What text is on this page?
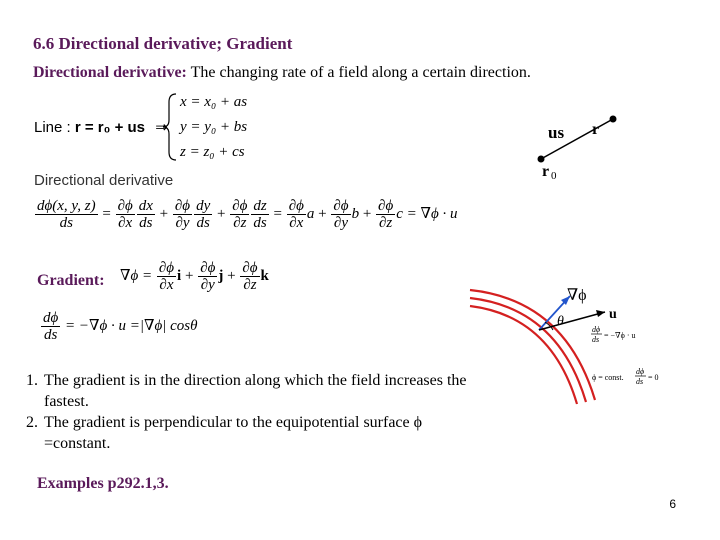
6.6 Directional derivative; Gradient
Directional derivative: The changing rate of a field along a certain direction.
Line : r = r₀ + us ⇒
x = x₀ + as
y = y₀ + bs
z = z₀ + cs
Directional derivative
$\frac{d\phi(x, y, z)}{ds} = \frac{\partial\phi}{\partial x} \frac{dx}{ds} + \frac{\partial\phi}{\partial y} \frac{dy}{ds} + \frac{\partial\phi}{\partial z} \frac{dz}{ds} = \frac{\partial\phi}{\partial x}$ $a + \frac{\partial\phi}{\partial y}$ $b + \frac{\partial\phi}{\partial z}$ c = ∇ϕ · u
Gradient: $\nabla\phi = \frac{\partial\phi}{\partial x}$ $i + \frac{\partial\phi}{\partial y}$ $j + \frac{\partial\phi}{\partial z}$ k
$\frac{d\phi}{ds} = -\nabla\phi \cdot u =|\nabla\phi|$ cosθ
1. The gradient is in the direction along which the field increases the fastest.
2. The gradient is perpendicular to the equipotential surface ϕ =constant.
Examples p292.1,3.
6
us r
r 0
∇ϕ
θ	u
dϕ
ds = −∇ϕ · u
ϕ = const.
dϕ
ds = 0
